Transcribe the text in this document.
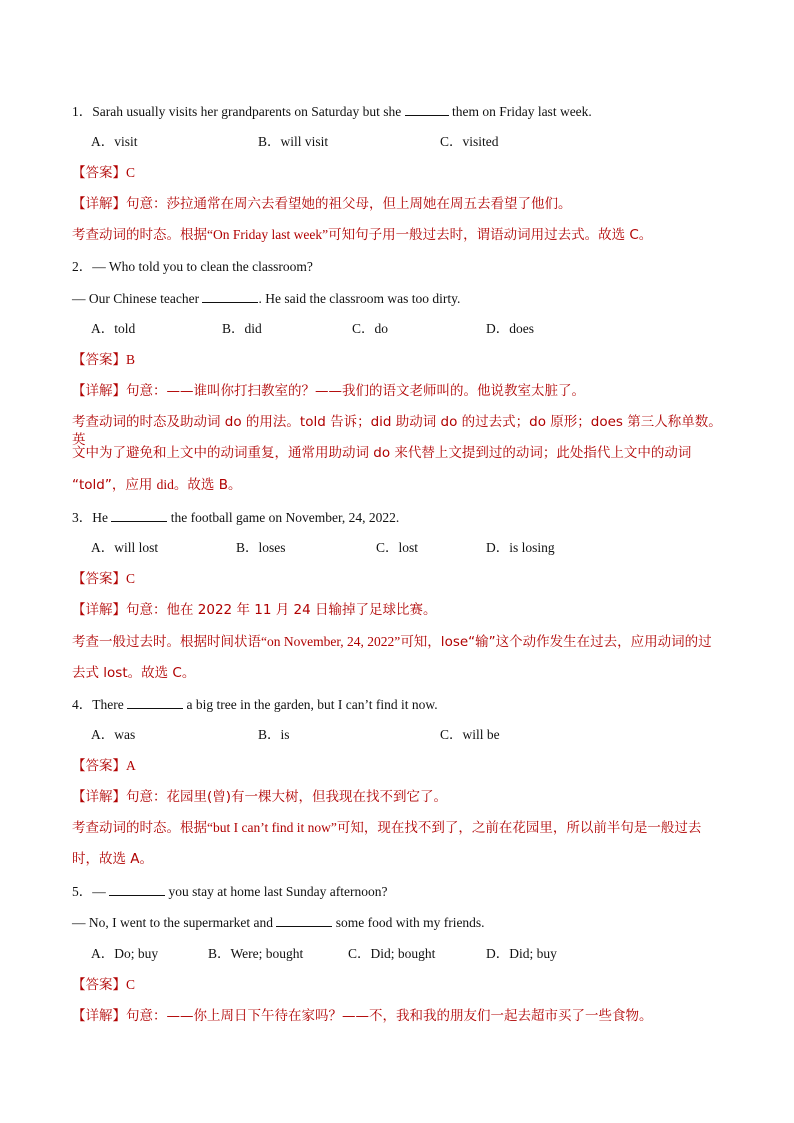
1．Sarah usually visits her grandparents on Saturday but she	them on Friday last week.
A．visit	B．will visit	C．visited
【答案】C
【详解】句意：莎拉通常在周六去看望她的祖父母，但上周她在周五去看望了他们。
考查动词的时态。根据“On Friday last week”可知句子用一般过去时，谓语动词用过去式。故选 C。
2．— Who told you to clean the classroom?
— Our Chinese teacher	. He said the classroom was too dirty.
A．told	B．did	C．do	D．does
【答案】B
【详解】句意：——谁叫你打扫教室的？——我们的语文老师叫的。他说教室太脏了。
考查动词的时态及助动词 do 的用法。told 告诉；did 助动词 do 的过去式；do 原形；does 第三人称单数。英
文中为了避免和上文中的动词重复，通常用助动词 do 来代替上文提到过的动词；此处指代上文中的动词
“told”，应用 did。故选 B。
3．He	the football game on November, 24, 2022.
A．will lost	B．loses	C．lost	D．is losing
【答案】C
【详解】句意：他在 2022 年 11 月 24 日输掉了足球比赛。
考查一般过去时。根据时间状语“on November, 24, 2022”可知，lose“输”这个动作发生在过去，应用动词的过
去式 lost。故选 C。
4．There	a big tree in the garden, but I can’t find it now.
A．was	B．is	C．will be
【答案】A
【详解】句意：花园里(曾)有一棵大树，但我现在找不到它了。
考查动词的时态。根据“but I can’t find it now”可知，现在找不到了，之前在花园里，所以前半句是一般过去
时，故选 A。
5．—	you stay at home last Sunday afternoon?
— No, I went to the supermarket and	some food with my friends.
A．Do; buy	B．Were; bought	C．Did; bought	D．Did; buy
【答案】C
【详解】句意：——你上周日下午待在家吗？——不，我和我的朋友们一起去超市买了一些食物。
